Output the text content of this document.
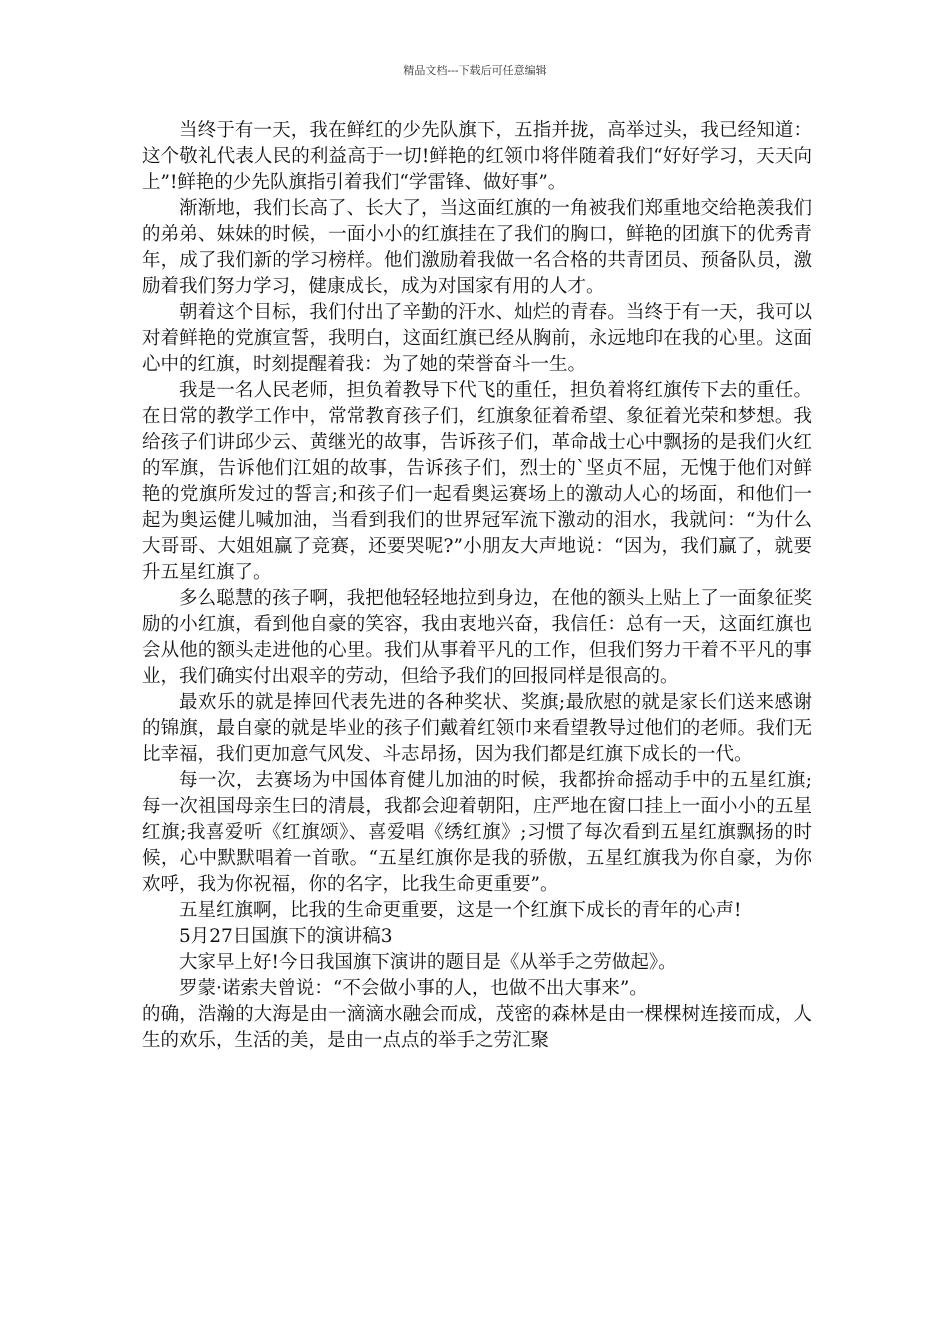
精品文档---下载后可任意编辑

当终于有一天，我在鲜红的少先队旗下，五指并拢，高举过头，我已经知道：这个敬礼代表人民的利益高于一切!鲜艳的红领巾将伴随着我们“好好学习，天天向上”!鲜艳的少先队旗指引着我们“学雷锋、做好事”。

渐渐地，我们长高了、长大了，当这面红旗的一角被我们郑重地交给艳羡我们的弟弟、妹妹的时候，一面小小的红旗挂在了我们的胸口，鲜艳的团旗下的优秀青年，成了我们新的学习榜样。他们激励着我做一名合格的共青团员、预备队员，激励着我们努力学习，健康成长，成为对国家有用的人才。

朝着这个目标，我们付出了辛勤的汗水、灿烂的青春。当终于有一天，我可以对着鲜艳的党旗宣誓，我明白，这面红旗已经从胸前，永远地印在我的心里。这面心中的红旗，时刻提醒着我：为了她的荣誉奋斗一生。

我是一名人民老师，担负着教导下代飞的重任，担负着将红旗传下去的重任。在日常的教学工作中，常常教育孩子们，红旗象征着希望、象征着光荣和梦想。我给孩子们讲邱少云、黄继光的故事，告诉孩子们，革命战士心中飘扬的是我们火红的军旗，告诉他们江姐的故事，告诉孩子们，烈士的`坚贞不屈，无愧于他们对鲜艳的党旗所发过的誓言;和孩子们一起看奥运赛场上的激动人心的场面，和他们一起为奥运健儿喊加油，当看到我们的世界冠军流下激动的泪水，我就问：“为什么大哥哥、大姐姐赢了竞赛，还要哭呢?”小朋友大声地说：“因为，我们赢了，就要升五星红旗了。

多么聪慧的孩子啊，我把他轻轻地拉到身边，在他的额头上贴上了一面象征奖励的小红旗，看到他自豪的笑容，我由衷地兴奋，我信任：总有一天，这面红旗也会从他的额头走进他的心里。我们从事着平凡的工作，但我们努力干着不平凡的事业，我们确实付出艰辛的劳动，但给予我们的回报同样是很高的。

最欢乐的就是捧回代表先进的各种奖状、奖旗;最欣慰的就是家长们送来感谢的锦旗，最自豪的就是毕业的孩子们戴着红领巾来看望教导过他们的老师。我们无比幸福，我们更加意气风发、斗志昂扬，因为我们都是红旗下成长的一代。

每一次，去赛场为中国体育健儿加油的时候，我都拚命摇动手中的五星红旗;每一次祖国母亲生曰的清晨，我都会迎着朝阳，庄严地在窗口挂上一面小小的五星红旗;我喜爱听《红旗颂》、喜爱唱《绣红旗》;习惯了每次看到五星红旗飘扬的时候，心中默默唱着一首歌。“五星红旗你是我的骄傲，五星红旗我为你自豪，为你欢呼，我为你祝福，你的名字，比我生命更重要”。

五星红旗啊，比我的生命更重要，这是一个红旗下成长的青年的心声!

5月27日国旗下的演讲稿3

大家早上好!今日我国旗下演讲的题目是《从举手之劳做起》。

罗蒙·诺索夫曾说：“不会做小事的人，也做不出大事来”。

的确，浩瀚的大海是由一滴滴水融会而成，茂密的森林是由一棵棵树连接而成，人生的欢乐，生活的美，是由一点点的举手之劳汇聚
